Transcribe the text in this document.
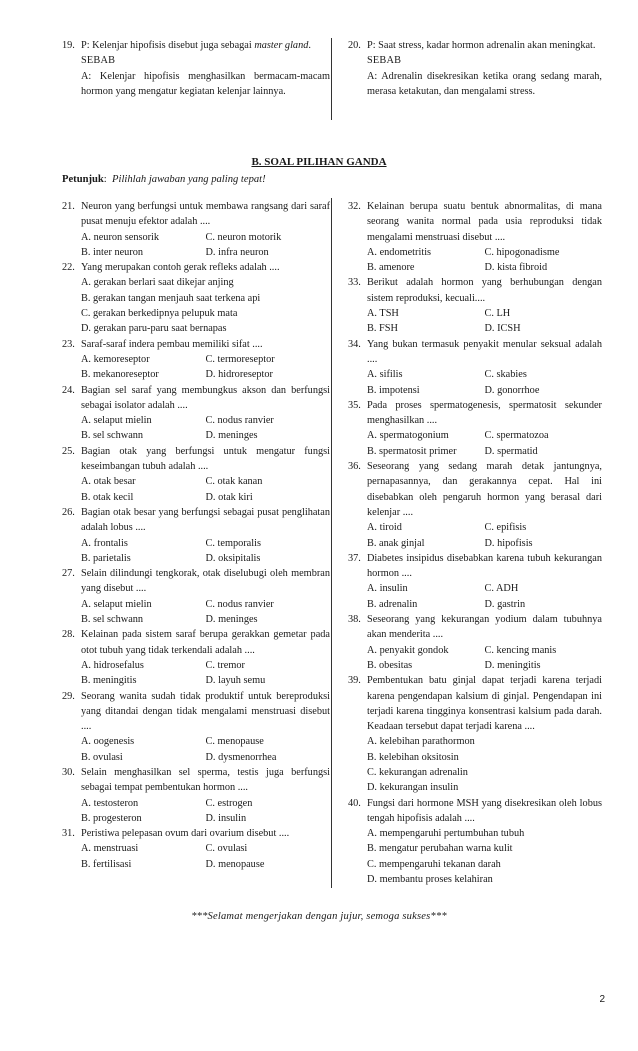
19. P: Kelenjar hipofisis disebut juga sebagai master gland.
SEBAB
A: Kelenjar hipofisis menghasilkan bermacam-macam hormon yang mengatur kegiatan kelenjar lainnya.
20. P: Saat stress, kadar hormon adrenalin akan meningkat.
SEBAB
A: Adrenalin disekresikan ketika orang sedang marah, merasa ketakutan, dan mengalami stress.
B. SOAL PILIHAN GANDA
Petunjuk: Pilihlah jawaban yang paling tepat!
21. Neuron yang berfungsi untuk membawa rangsang dari saraf pusat menuju efektor adalah ....
A. neuron sensorik	C. neuron motorik
B. inter neuron	D. infra neuron
22. Yang merupakan contoh gerak refleks adalah ....
A. gerakan berlari saat dikejar anjing
B. gerakan tangan menjauh saat terkena api
C. gerakan berkedipnya pelupuk mata
D. gerakan paru-paru saat bernapas
23. Saraf-saraf indera pembau memiliki sifat ....
A. kemoreseptor	C. termoreseptor
B. mekanoreseptor	D. hidroreseptor
24. Bagian sel saraf yang membungkus akson dan berfungsi sebagai isolator adalah ....
A. selaput mielin	C. nodus ranvier
B. sel schwann	D. meninges
25. Bagian otak yang berfungsi untuk mengatur fungsi keseimbangan tubuh adalah ....
A. otak besar	C. otak kanan
B. otak kecil	D. otak kiri
26. Bagian otak besar yang berfungsi sebagai pusat penglihatan adalah lobus ....
A. frontalis	C. temporalis
B. parietalis	D. oksipitalis
27. Selain dilindungi tengkorak, otak diselubugi oleh membran yang disebut ....
A. selaput mielin	C. nodus ranvier
B. sel schwann	D. meninges
28. Kelainan pada sistem saraf berupa gerakkan gemetar pada otot tubuh yang tidak terkendali adalah ....
A. hidrosefalus	C. tremor
B. meningitis	D. layuh semu
29. Seorang wanita sudah tidak produktif untuk bereproduksi yang ditandai dengan tidak mengalami menstruasi disebut ....
A. oogenesis	C. menopause
B. ovulasi	D. dysmenorrhea
30. Selain menghasilkan sel sperma, testis juga berfungsi sebagai tempat pembentukan hormon ....
A. testosteron	C. estrogen
B. progesteron	D. insulin
31. Peristiwa pelepasan ovum dari ovarium disebut ....
A. menstruasi	C. ovulasi
B. fertilisasi	D. menopause
32. Kelainan berupa suatu bentuk abnormalitas, di mana seorang wanita normal pada usia reproduksi tidak mengalami menstruasi disebut ....
A. endometritis	C. hipogonadisme
B. amenore	D. kista fibroid
33. Berikut adalah hormon yang berhubungan dengan sistem reproduksi, kecuali....
A. TSH	C. LH
B. FSH	D. ICSH
34. Yang bukan termasuk penyakit menular seksual adalah ....
A. sifilis	C. skabies
B. impotensi	D. gonorrhoe
35. Pada proses spermatogenesis, spermatosit sekunder menghasilkan ....
A. spermatogonium	C. spermatozoa
B. spermatosit primer	D. spermatid
36. Seseorang yang sedang marah detak jantungnya, pernapasannya, dan gerakannya cepat. Hal ini disebabkan oleh pengaruh hormon yang berasal dari kelenjar ....
A. tiroid	C. epifisis
B. anak ginjal	D. hipofisis
37. Diabetes insipidus disebabkan karena tubuh kekurangan hormon ....
A. insulin	C. ADH
B. adrenalin	D. gastrin
38. Seseorang yang kekurangan yodium dalam tubuhnya akan menderita ....
A. penyakit gondok	C. kencing manis
B. obesitas	D. meningitis
39. Pembentukan batu ginjal dapat terjadi karena terjadi karena pengendapan kalsium di ginjal. Pengendapan ini terjadi karena tingginya konsentrasi kalsium pada darah. Keadaan tersebut dapat terjadi karena ....
A. kelebihan parathormon
B. kelebihan oksitosin
C. kekurangan adrenalin
D. kekurangan insulin
40. Fungsi dari hormone MSH yang disekresikan oleh lobus tengah hipofisis adalah ....
A. mempengaruhi pertumbuhan tubuh
B. mengatur perubahan warna kulit
C. mempengaruhi tekanan darah
D. membantu proses kelahiran
***Selamat mengerjakan dengan jujur, semoga sukses***
2
